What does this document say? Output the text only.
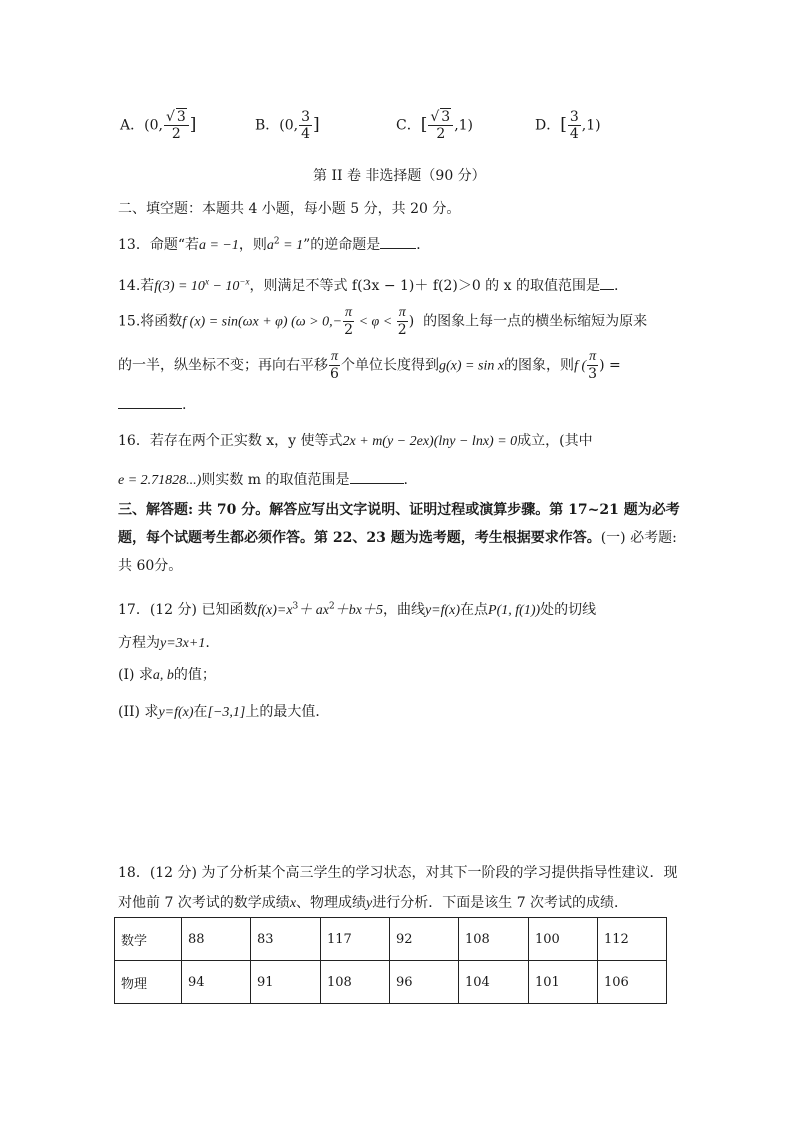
A．(0, $\frac{√ 3}{2}$ ]	B．(0, $\frac{3}{4}$ ]	C．[ $\frac{√ 3}{2} ,1$)	D．[ $\frac{3}{4} ,1$)
第 II 卷 非选择题（90 分）
二、填空题：本题共 4 小题，每小题 5 分，共 20 分。
13．命题“若a = −1，则$a^2 = 1$”的逆命题是	．
14.若$f(3) = 10^x - 10^{-x}$，则满足不等式 f(3x − 1)＋ f(2)＞0 的 x 的取值范围是 .
15.将函数f (x) = sin(ωx + φ) ($\omega > 0,- \frac{\pi}{2} < \varphi < \frac{\pi}{2}$ ) 的图象上每一点的横坐标缩短为原来
的一半，纵坐标不变；再向右平移 $\frac{\pi}{6}$ 个单位长度得到g(x) = sin x的图象，则f ( $\frac{\pi}{3}$ ) =
.
16．若存在两个正实数 x，y 使等式2x + m(y − 2ex)(lny − lnx) = 0成立，(其中
e = 2.71828...)则实数 m 的取值范围是	.
三、解答题: 共 70 分。解答应写出文字说明、证明过程或演算步骤。第 17~21 题为必考题，每个试题考生都必须作答。第 22、23 题为选考题，考生根据要求作答。(一) 必考题: 共 60分。
17．(12 分) 已知函数$f(x)=x^3+ ax^2+bx+5$，曲线y=f(x)在点P(1, f(1))处的切线
方程为y=3x+1.
(I) 求a, b的值；
(II) 求y=f(x)在[−3,1]上的最大值．
18．(12 分) 为了分析某个高三学生的学习状态，对其下一阶段的学习提供指导性建议．现
对他前 7 次考试的数学成绩x、物理成绩y进行分析．下面是该生 7 次考试的成绩．
数学	88	83	117	92	108	100	112
物理	94	91	108	96	104	101	106
